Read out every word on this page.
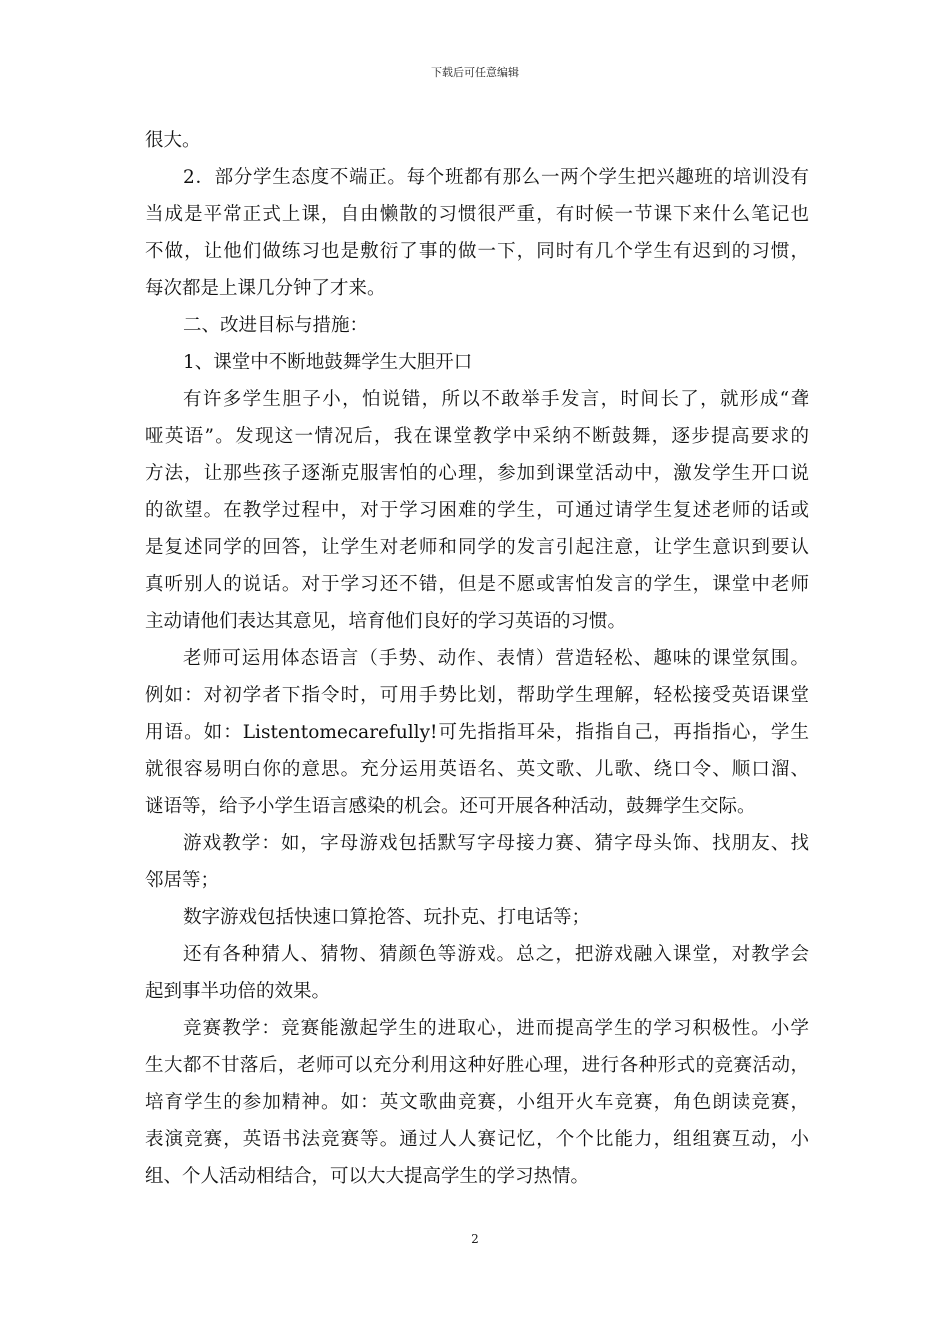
下载后可任意编辑
很大。
2．部分学生态度不端正。每个班都有那么一两个学生把兴趣班的培训没有
当成是平常正式上课，自由懒散的习惯很严重，有时候一节课下来什么笔记也
不做，让他们做练习也是敷衍了事的做一下，同时有几个学生有迟到的习惯，
每次都是上课几分钟了才来。
二、改进目标与措施：
1、课堂中不断地鼓舞学生大胆开口
有许多学生胆子小，怕说错，所以不敢举手发言，时间长了，就形成“聋
哑英语”。发现这一情况后，我在课堂教学中采纳不断鼓舞，逐步提高要求的
方法，让那些孩子逐渐克服害怕的心理，参加到课堂活动中，激发学生开口说
的欲望。在教学过程中，对于学习困难的学生，可通过请学生复述老师的话或
是复述同学的回答，让学生对老师和同学的发言引起注意，让学生意识到要认
真听别人的说话。对于学习还不错，但是不愿或害怕发言的学生，课堂中老师
主动请他们表达其意见，培育他们良好的学习英语的习惯。
老师可运用体态语言（手势、动作、表情）营造轻松、趣味的课堂氛围。
例如：对初学者下指令时，可用手势比划，帮助学生理解，轻松接受英语课堂
用语。如：Listentomecarefully!可先指指耳朵，指指自己，再指指心，学生
就很容易明白你的意思。充分运用英语名、英文歌、儿歌、绕口令、顺口溜、
谜语等，给予小学生语言感染的机会。还可开展各种活动，鼓舞学生交际。
游戏教学：如，字母游戏包括默写字母接力赛、猜字母头饰、找朋友、找
邻居等；
数字游戏包括快速口算抢答、玩扑克、打电话等；
还有各种猜人、猜物、猜颜色等游戏。总之，把游戏融入课堂，对教学会
起到事半功倍的效果。
竞赛教学：竞赛能激起学生的进取心，进而提高学生的学习积极性。小学
生大都不甘落后，老师可以充分利用这种好胜心理，进行各种形式的竞赛活动，
培育学生的参加精神。如：英文歌曲竞赛，小组开火车竞赛，角色朗读竞赛，
表演竞赛，英语书法竞赛等。通过人人赛记忆，个个比能力，组组赛互动，小
组、个人活动相结合，可以大大提高学生的学习热情。
2
